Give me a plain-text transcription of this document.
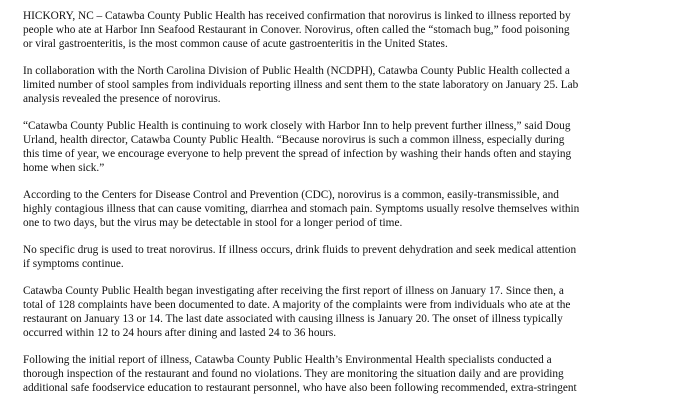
HICKORY, NC – Catawba County Public Health has received confirmation that norovirus is linked to illness reported by
people who ate at Harbor Inn Seafood Restaurant in Conover. Norovirus, often called the “stomach bug,” food poisoning
or viral gastroenteritis, is the most common cause of acute gastroenteritis in the United States.

In collaboration with the North Carolina Division of Public Health (NCDPH), Catawba County Public Health collected a
limited number of stool samples from individuals reporting illness and sent them to the state laboratory on January 25. Lab
analysis revealed the presence of norovirus.

“Catawba County Public Health is continuing to work closely with Harbor Inn to help prevent further illness,” said Doug
Urland, health director, Catawba County Public Health. “Because norovirus is such a common illness, especially during
this time of year, we encourage everyone to help prevent the spread of infection by washing their hands often and staying
home when sick.”

According to the Centers for Disease Control and Prevention (CDC), norovirus is a common, easily-transmissible, and
highly contagious illness that can cause vomiting, diarrhea and stomach pain. Symptoms usually resolve themselves within
one to two days, but the virus may be detectable in stool for a longer period of time.

No specific drug is used to treat norovirus. If illness occurs, drink fluids to prevent dehydration and seek medical attention
if symptoms continue.

Catawba County Public Health began investigating after receiving the first report of illness on January 17. Since then, a
total of 128 complaints have been documented to date. A majority of the complaints were from individuals who ate at the
restaurant on January 13 or 14. The last date associated with causing illness is January 20. The onset of illness typically
occurred within 12 to 24 hours after dining and lasted 24 to 36 hours.

Following the initial report of illness, Catawba County Public Health’s Environmental Health specialists conducted a
thorough inspection of the restaurant and found no violations. They are monitoring the situation daily and are providing
additional safe foodservice education to restaurant personnel, who have also been following recommended, extra-stringent
